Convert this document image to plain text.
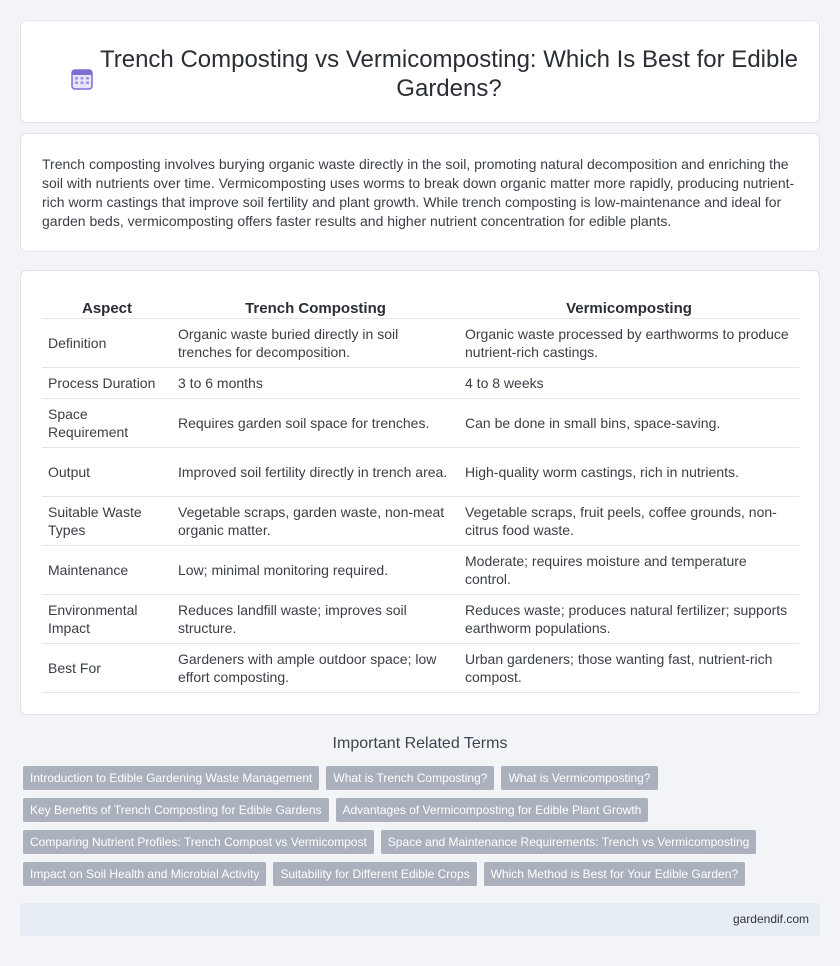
Trench Composting vs Vermicomposting: Which Is Best for Edible Gardens?

Trench composting involves burying organic waste directly in the soil, promoting natural decomposition and enriching the soil with nutrients over time. Vermicomposting uses worms to break down organic matter more rapidly, producing nutrient-rich worm castings that improve soil fertility and plant growth. While trench composting is low-maintenance and ideal for garden beds, vermicomposting offers faster results and higher nutrient concentration for edible plants.

Aspect	Trench Composting	Vermicomposting
Definition	Organic waste buried directly in soil trenches for decomposition.	Organic waste processed by earthworms to produce nutrient-rich castings.
Process Duration	3 to 6 months	4 to 8 weeks
Space Requirement	Requires garden soil space for trenches.	Can be done in small bins, space-saving.
Output	Improved soil fertility directly in trench area.	High-quality worm castings, rich in nutrients.
Suitable Waste Types	Vegetable scraps, garden waste, non-meat organic matter.	Vegetable scraps, fruit peels, coffee grounds, non-citrus food waste.
Maintenance	Low; minimal monitoring required.	Moderate; requires moisture and temperature control.
Environmental Impact	Reduces landfill waste; improves soil structure.	Reduces waste; produces natural fertilizer; supports earthworm populations.
Best For	Gardeners with ample outdoor space; low effort composting.	Urban gardeners; those wanting fast, nutrient-rich compost.
Important Related Terms
Introduction to Edible Gardening Waste Management	What is Trench Composting?	What is Vermicomposting?
Key Benefits of Trench Composting for Edible Gardens	Advantages of Vermicomposting for Edible Plant Growth
Comparing Nutrient Profiles: Trench Compost vs Vermicompost	Space and Maintenance Requirements: Trench vs Vermicomposting
Impact on Soil Health and Microbial Activity	Suitability for Different Edible Crops	Which Method is Best for Your Edible Garden?
gardendif.com
